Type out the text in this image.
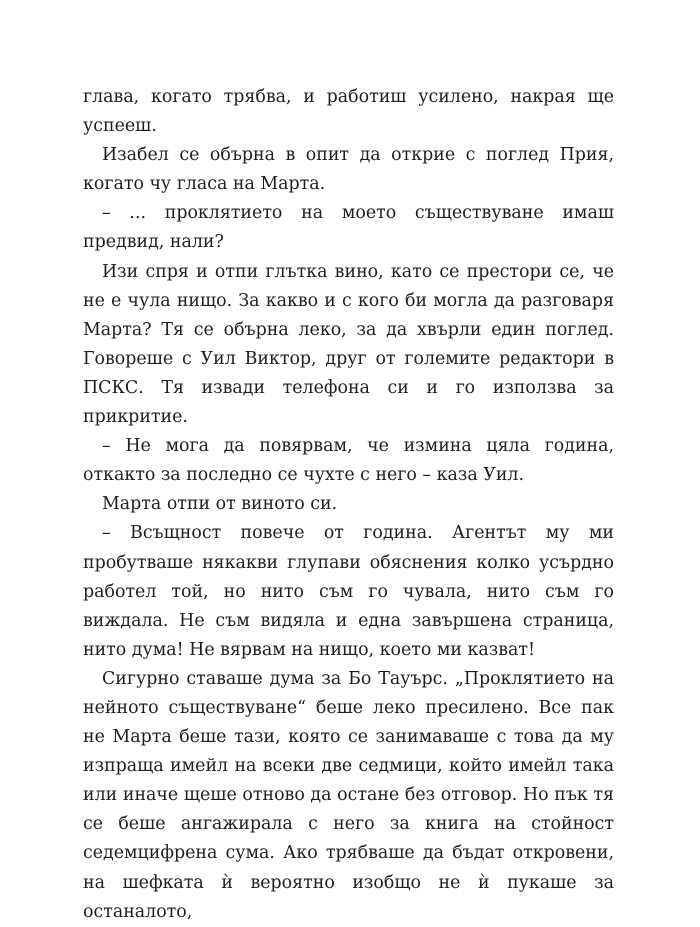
глава, когато трябва, и работиш усилено, накрая ще успееш.

Изабел се обърна в опит да открие с поглед Прия, когато чу гласа на Марта.

– ... проклятието на моето съществуване имаш предвид, нали?

Изи спря и отпи глътка вино, като се престори се, че не е чула нищо. За какво и с кого би могла да разговаря Марта? Тя се обърна леко, за да хвърли един поглед. Говореше с Уил Виктор, друг от големите редактори в ПСКС. Тя извади телефона си и го използва за прикритие.

– Не мога да повярвам, че изминa цяла година, откакто за последно се чухте с него – каза Уил.

Марта отпи от виното си.

– Всъщност повече от година. Агентът му ми пробутваше някакви глупави обяснения колко усърдно работел той, но нито съм го чувала, нито съм го виждала. Не съм видяла и една завършена страница, нито дума! Не вярвам на нищо, което ми казват!

Сигурно ставаше дума за Бо Тауърс. „Проклятието на нейното съществуване“ беше леко пресилено. Все пак не Марта беше тази, която се занимаваше с това да му изпраща имейл на всеки две седмици, който имейл така или иначе щеше отново да остане без отговор. Но пък тя се беше ангажирала с него за книга на стойност седемцифрена сума. Ако трябваше да бъдат откровени, на шефката ѝ вероятно изобщо не ѝ пукаше за останалото,
